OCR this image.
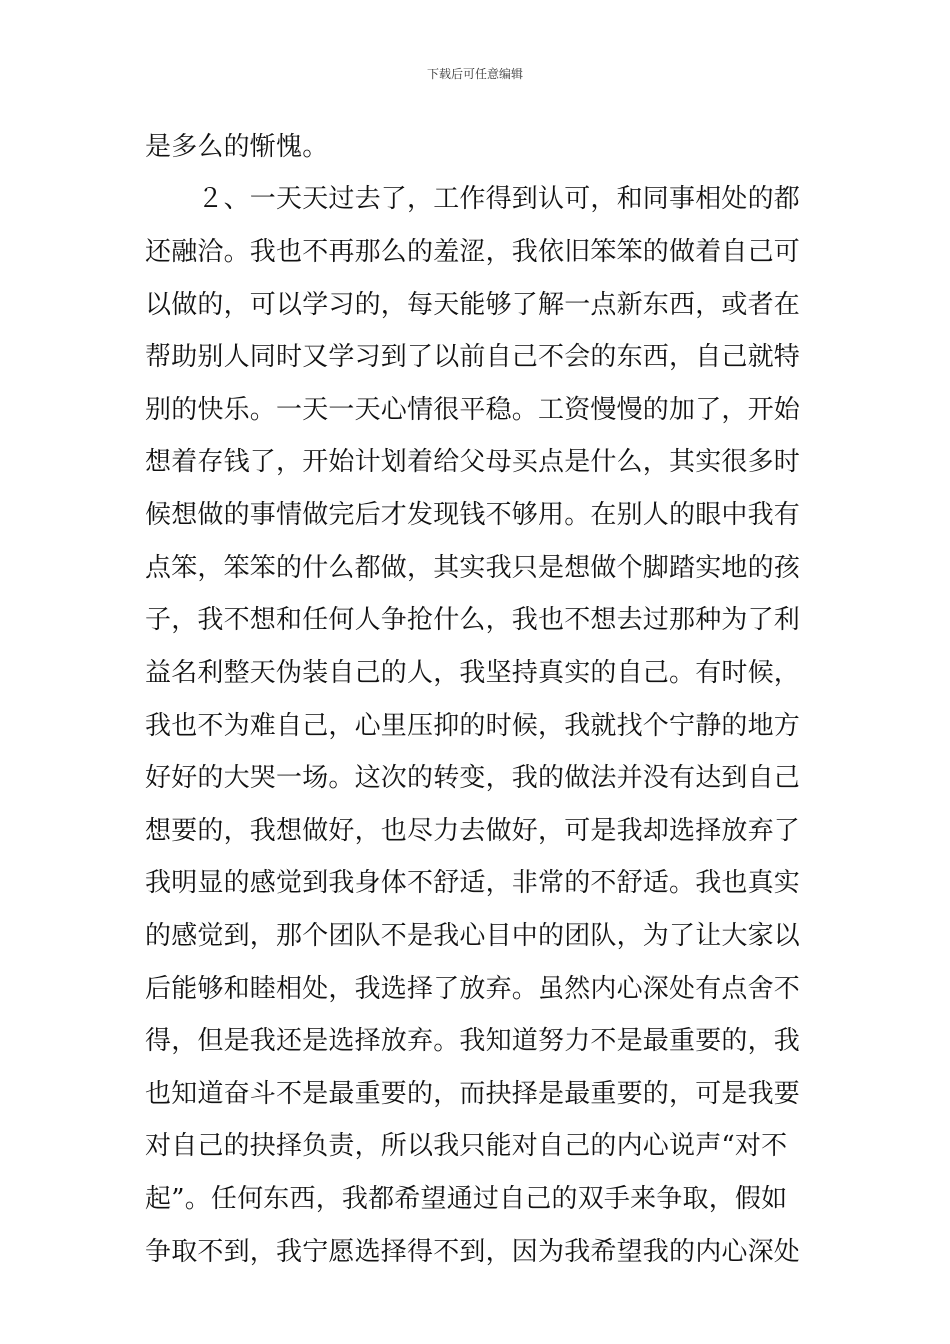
下载后可任意编辑
是多么的惭愧。
　　２、一天天过去了，工作得到认可，和同事相处的都
还融洽。我也不再那么的羞涩，我依旧笨笨的做着自己可
以做的，可以学习的，每天能够了解一点新东西，或者在
帮助别人同时又学习到了以前自己不会的东西，自己就特
别的快乐。一天一天心情很平稳。工资慢慢的加了，开始
想着存钱了，开始计划着给父母买点是什么，其实很多时
候想做的事情做完后才发现钱不够用。在别人的眼中我有
点笨，笨笨的什么都做，其实我只是想做个脚踏实地的孩
子，我不想和任何人争抢什么，我也不想去过那种为了利
益名利整天伪装自己的人，我坚持真实的自己。有时候，
我也不为难自己，心里压抑的时候，我就找个宁静的地方
好好的大哭一场。这次的转变，我的做法并没有达到自己
想要的，我想做好，也尽力去做好，可是我却选择放弃了
我明显的感觉到我身体不舒适，非常的不舒适。我也真实
的感觉到，那个团队不是我心目中的团队，为了让大家以
后能够和睦相处，我选择了放弃。虽然内心深处有点舍不
得，但是我还是选择放弃。我知道努力不是最重要的，我
也知道奋斗不是最重要的，而抉择是最重要的，可是我要
对自己的抉择负责，所以我只能对自己的内心说声“对不
起”。任何东西，我都希望通过自己的双手来争取，假如
争取不到，我宁愿选择得不到，因为我希望我的内心深处
